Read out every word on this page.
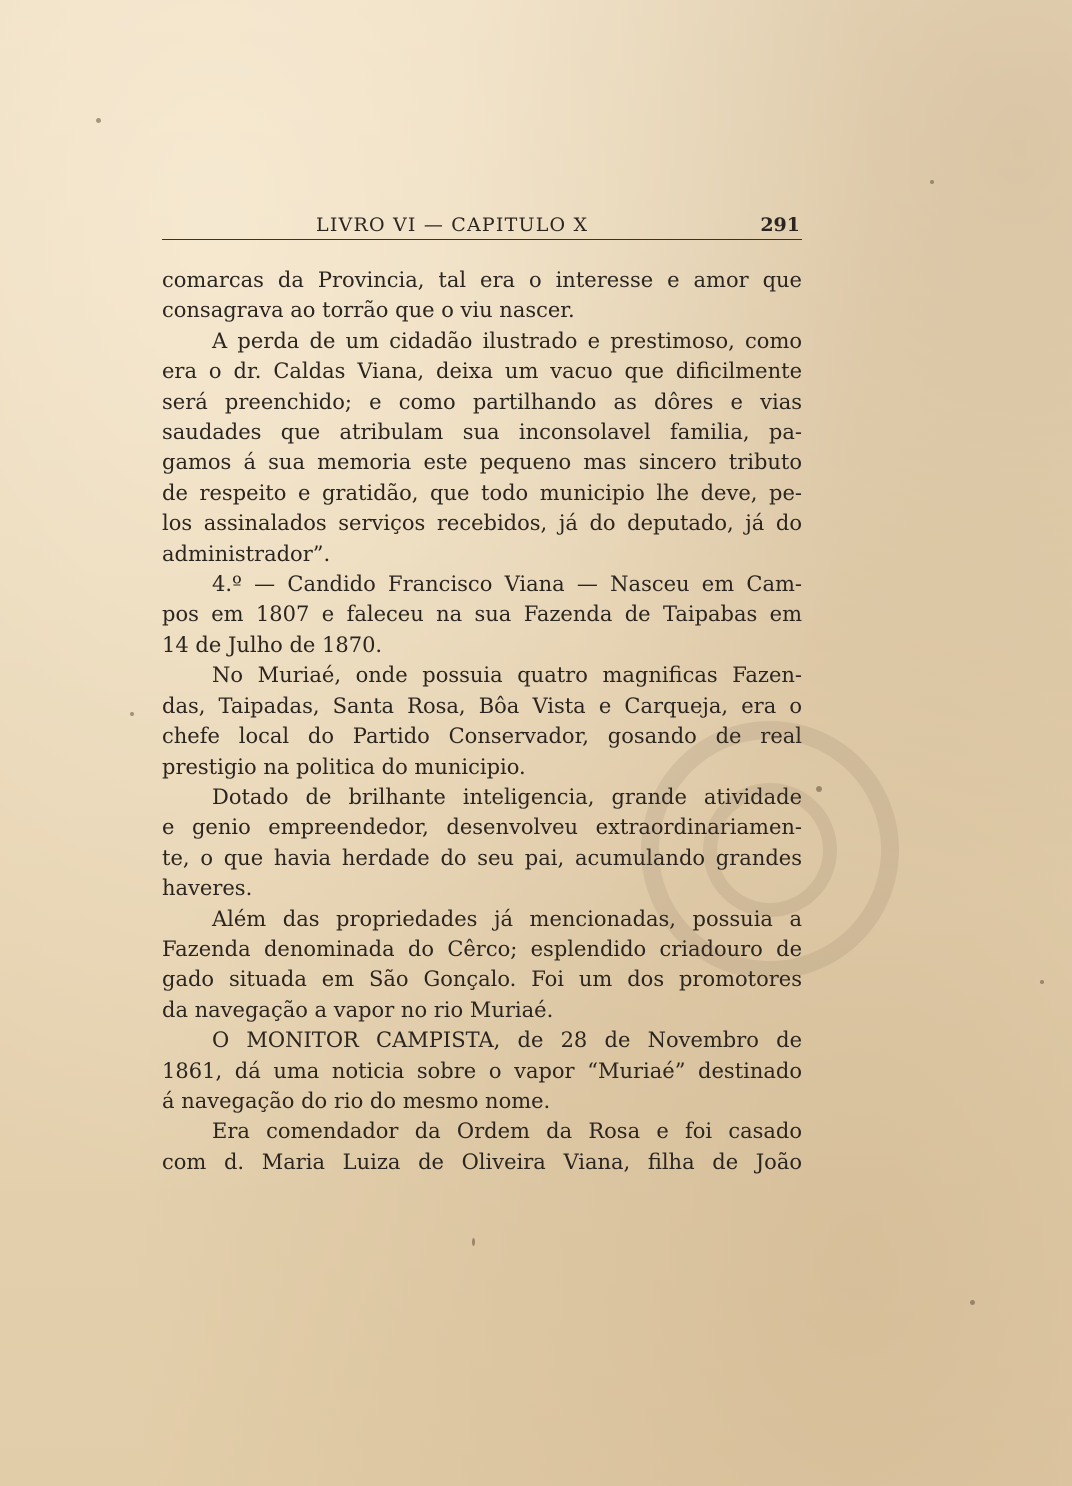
LIVRO VI — CAPITULO X	291
comarcas da Provincia, tal era o interesse e amor que
consagrava ao torrão que o viu nascer.
A perda de um cidadão ilustrado e prestimoso, como
era o dr. Caldas Viana, deixa um vacuo que dificilmente
será preenchido; e como partilhando as dôres e vias
saudades que atribulam sua inconsolavel familia, pa-
gamos á sua memoria este pequeno mas sincero tributo
de respeito e gratidão, que todo municipio lhe deve, pe-
los assinalados serviços recebidos, já do deputado, já do
administrador”.
4.º — Candido Francisco Viana — Nasceu em Cam-
pos em 1807 e faleceu na sua Fazenda de Taipabas em
14 de Julho de 1870.
No Muriaé, onde possuia quatro magnificas Fazen-
das, Taipadas, Santa Rosa, Bôa Vista e Carqueja, era o
chefe local do Partido Conservador, gosando de real
prestigio na politica do municipio.
Dotado de brilhante inteligencia, grande atividade
e genio empreendedor, desenvolveu extraordinariamen-
te, o que havia herdade do seu pai, acumulando grandes
haveres.
Além das propriedades já mencionadas, possuia a
Fazenda denominada do Cêrco; esplendido criadouro de
gado situada em São Gonçalo. Foi um dos promotores
da navegação a vapor no rio Muriaé.
O MONITOR CAMPISTA, de 28 de Novembro de
1861, dá uma noticia sobre o vapor “Muriaé” destinado
á navegação do rio do mesmo nome.
Era comendador da Ordem da Rosa e foi casado
com d. Maria Luiza de Oliveira Viana, filha de João
